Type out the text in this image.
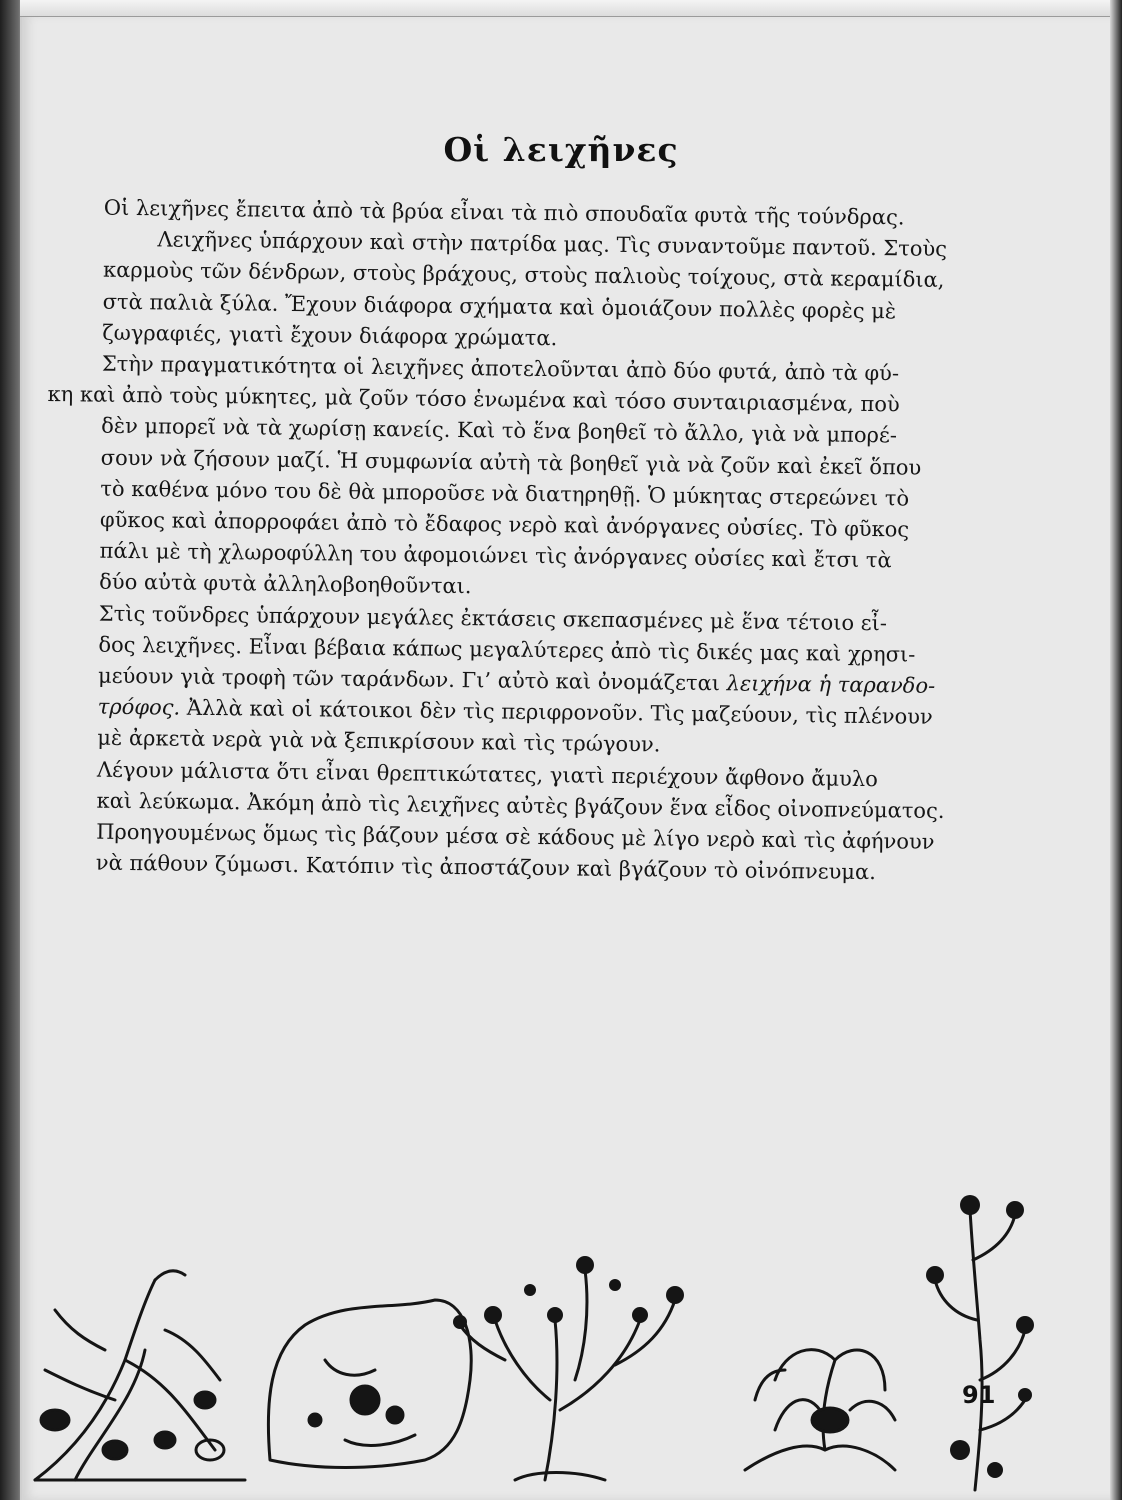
Οἱ λειχῆνες

Οἱ λειχῆνες ἔπειτα ἀπὸ τὰ βρύα εἶναι τὰ πιὸ σπουδαῖα φυτὰ τῆς τούνδρας.
Λειχῆνες ὑπάρχουν καὶ στὴν πατρίδα μας. Τὶς συναντοῦμε παντοῦ. Στοὺς
καρμοὺς τῶν δένδρων, στοὺς βράχους, στοὺς παλιοὺς τοίχους, στὰ κεραμίδια,
στὰ παλιὰ ξύλα. Ἔχουν διάφορα σχήματα καὶ ὁμοιάζουν πολλὲς φορὲς μὲ
ζωγραφιές, γιατὶ ἔχουν διάφορα χρώματα.

Στὴν πραγματικότητα οἱ λειχῆνες ἀποτελοῦνται ἀπὸ δύο φυτά, ἀπὸ τὰ φύ-
κη καὶ ἀπὸ τοὺς μύκητες, μὰ ζοῦν τόσο ἑνωμένα καὶ τόσο συνταιριασμένα, ποὺ
δὲν μπορεῖ νὰ τὰ χωρίσῃ κανείς. Καὶ τὸ ἕνα βοηθεῖ τὸ ἄλλο, γιὰ νὰ μπορέ-
σουν νὰ ζήσουν μαζί. Ἡ συμφωνία αὐτὴ τὰ βοηθεῖ γιὰ νὰ ζοῦν καὶ ἐκεῖ ὅπου
τὸ καθένα μόνο του δὲ θὰ μποροῦσε νὰ διατηρηθῇ. Ὁ μύκητας στερεώνει τὸ
φῦκος καὶ ἀπορροφάει ἀπὸ τὸ ἔδαφος νερὸ καὶ ἀνόργανες οὐσίες. Τὸ φῦκος
πάλι μὲ τὴ χλωροφύλλη του ἀφομοιώνει τὶς ἀνόργανες οὐσίες καὶ ἔτσι τὰ
δύο αὐτὰ φυτὰ ἀλληλοβοηθοῦνται.

Στὶς τοῦνδρες ὑπάρχουν μεγάλες ἐκτάσεις σκεπασμένες μὲ ἕνα τέτοιο εἶ-
δος λειχῆνες. Εἶναι βέβαια κάπως μεγαλύτερες ἀπὸ τὶς δικές μας καὶ χρησι-
μεύουν γιὰ τροφὴ τῶν ταράνδων. Γι’ αὐτὸ καὶ ὀνομάζεται λειχήνα ἡ ταρανδο-
τρόφος. Ἀλλὰ καὶ οἱ κάτοικοι δὲν τὶς περιφρονοῦν. Τὶς μαζεύουν, τὶς πλένουν
μὲ ἀρκετὰ νερὰ γιὰ νὰ ξεπικρίσουν καὶ τὶς τρώγουν.

Λέγουν μάλιστα ὅτι εἶναι θρεπτικώτατες, γιατὶ περιέχουν ἄφθονο ἄμυλο
καὶ λεύκωμα. Ἀκόμη ἀπὸ τὶς λειχῆνες αὐτὲς βγάζουν ἕνα εἶδος οἰνοπνεύματος.
Προηγουμένως ὅμως τὶς βάζουν μέσα σὲ κάδους μὲ λίγο νερὸ καὶ τὶς ἀφήνουν
νὰ πάθουν ζύμωσι. Κατόπιν τὶς ἀποστάζουν καὶ βγάζουν τὸ οἰνόπνευμα.

91
